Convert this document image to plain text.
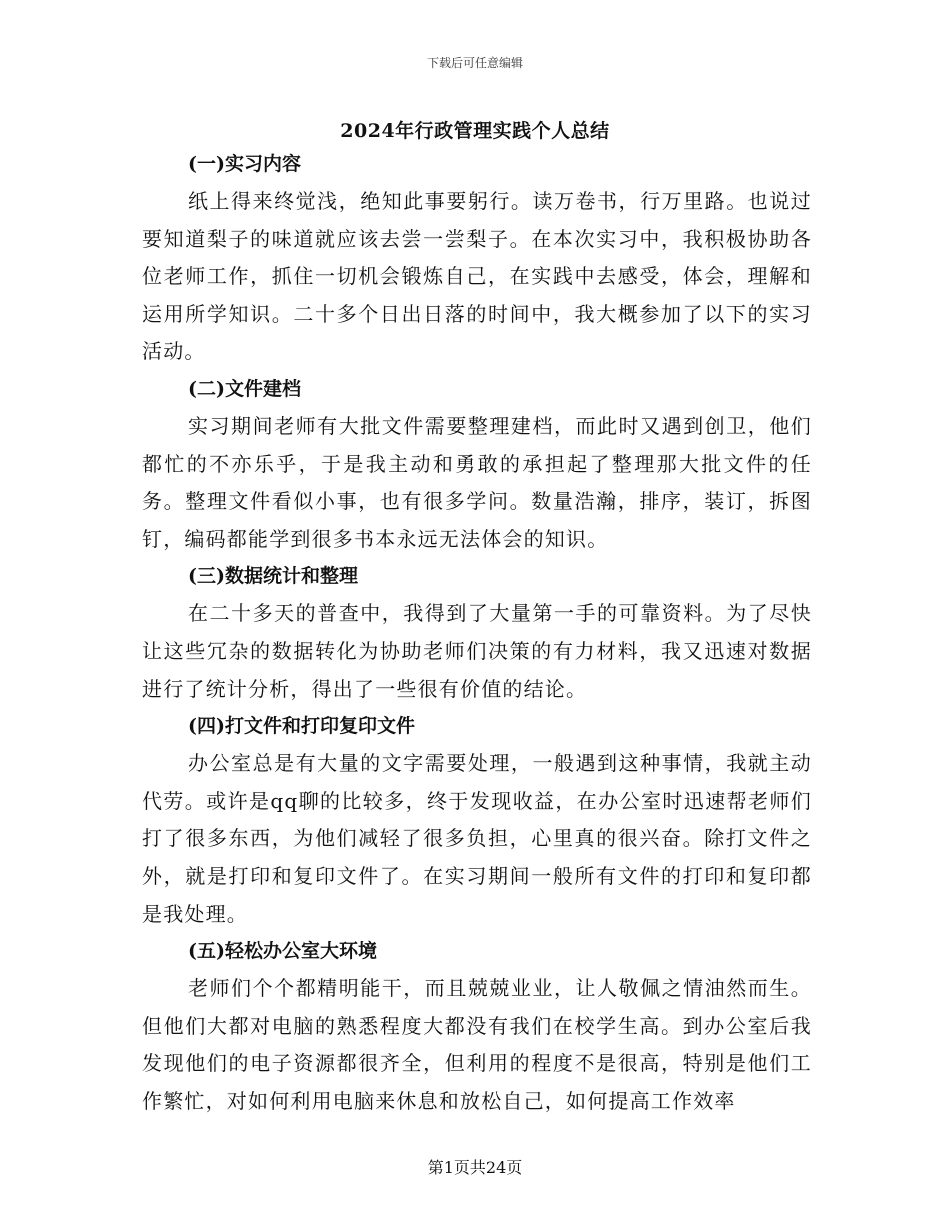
下载后可任意编辑
2024年行政管理实践个人总结
(一)实习内容

纸上得来终觉浅，绝知此事要躬行。读万卷书，行万里路。也说过要知道梨子的味道就应该去尝一尝梨子。在本次实习中，我积极协助各位老师工作，抓住一切机会锻炼自己，在实践中去感受，体会，理解和运用所学知识。二十多个日出日落的时间中，我大概参加了以下的实习活动。

(二)文件建档

实习期间老师有大批文件需要整理建档，而此时又遇到创卫，他们都忙的不亦乐乎，于是我主动和勇敢的承担起了整理那大批文件的任务。整理文件看似小事，也有很多学问。数量浩瀚，排序，装订，拆图钉，编码都能学到很多书本永远无法体会的知识。

(三)数据统计和整理

在二十多天的普查中，我得到了大量第一手的可靠资料。为了尽快让这些冗杂的数据转化为协助老师们决策的有力材料，我又迅速对数据进行了统计分析，得出了一些很有价值的结论。

(四)打文件和打印复印文件

办公室总是有大量的文字需要处理，一般遇到这种事情，我就主动代劳。或许是qq聊的比较多，终于发现收益，在办公室时迅速帮老师们打了很多东西，为他们减轻了很多负担，心里真的很兴奋。除打文件之外，就是打印和复印文件了。在实习期间一般所有文件的打印和复印都是我处理。

(五)轻松办公室大环境

老师们个个都精明能干，而且兢兢业业，让人敬佩之情油然而生。但他们大都对电脑的熟悉程度大都没有我们在校学生高。到办公室后我发现他们的电子资源都很齐全，但利用的程度不是很高，特别是他们工作繁忙，对如何利用电脑来休息和放松自己，如何提高工作效率

第1页共24页
